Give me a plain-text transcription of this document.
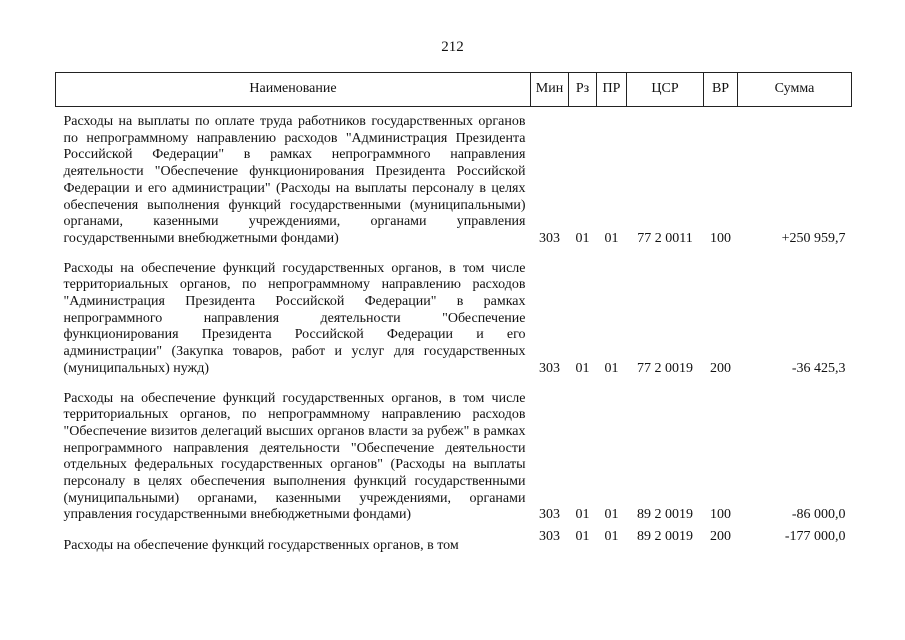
212
Наименование	Мин	Рз	ПР	ЦСР	ВР	Сумма
Расходы на выплаты по оплате труда работников государственных органов по непрограммному направлению расходов "Администрация Президента Российской Федерации" в рамках непрограммного направления деятельности "Обеспечение функционирования Президента Российской Федерации и его администрации" (Расходы на выплаты персоналу в целях обеспечения выполнения функций государственными (муниципальными) органами, казенными учреждениями, органами управления государственными внебюджетными фондами)	303	01	01	77 2 0011	100	+250 959,7
Расходы на обеспечение функций государственных органов, в том числе территориальных органов, по непрограммному направлению расходов "Администрация Президента Российской Федерации" в рамках непрограммного направления деятельности "Обеспечение функционирования Президента Российской Федерации и его администрации" (Закупка товаров, работ и услуг для государственных (муниципальных) нужд)	303	01	01	77 2 0019	200	-36 425,3
Расходы на обеспечение функций государственных органов, в том числе территориальных органов, по непрограммному направлению расходов "Обеспечение визитов делегаций высших органов власти за рубеж" в рамках непрограммного направления деятельности "Обеспечение деятельности отдельных федеральных государственных органов" (Расходы на выплаты персоналу в целях обеспечения выполнения функций государственными (муниципальными) органами, казенными учреждениями, органами управления государственными внебюджетными фондами)	303	01	01	89 2 0019	100	-86 000,0
Расходы на обеспечение функций государственных органов, в том	303	01	01	89 2 0019	200	-177 000,0
